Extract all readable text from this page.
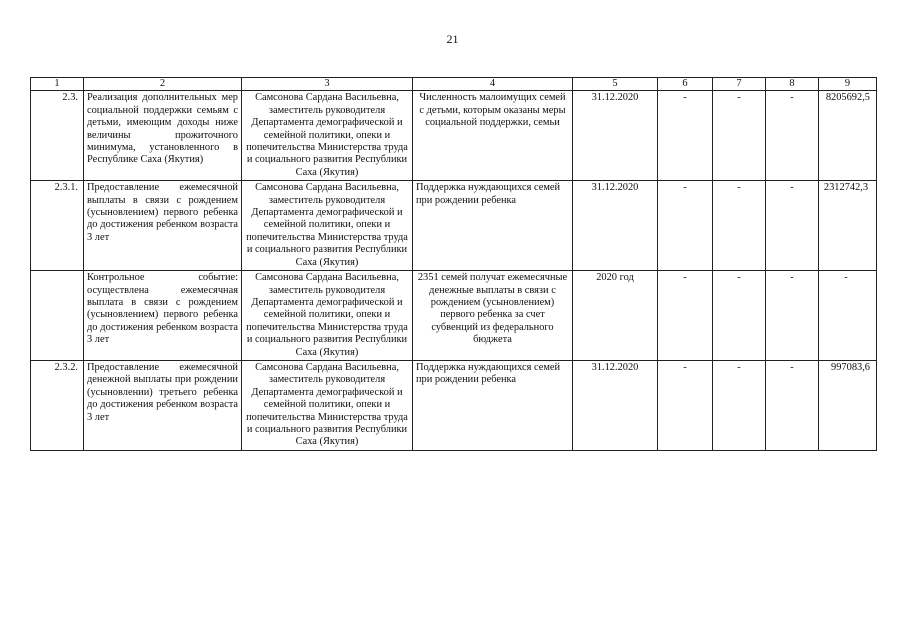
21
1	2	3	4	5	6	7	8	9
2.3.	Реализация дополнительных мер социальной поддержки семьям с детьми, имеющим доходы ниже величины прожиточного минимума, установленного в Республике Саха (Якутия)	Самсонова Сардана Васильевна, заместитель руководителя Департамента демографической и семейной политики, опеки и попечительства Министерства труда и социального развития Республики Саха (Якутия)	Численность малоимущих семей с детьми, которым оказаны меры социальной поддержки, семьи	31.12.2020	-	-	-	8205692,5
2.3.1.	Предоставление ежемесячной выплаты в связи с рождением (усыновлением) первого ребенка до достижения ребенком возраста 3 лет	Самсонова Сардана Васильевна, заместитель руководителя Департамента демографической и семейной политики, опеки и попечительства Министерства труда и социального развития Республики Саха (Якутия)	Поддержка нуждающихся семей при рождении ребенка	31.12.2020	-	-	-	2312742,3
	Контрольное событие: осуществлена ежемесячная выплата в связи с рождением (усыновлением) первого ребенка до достижения ребенком возраста 3 лет	Самсонова Сардана Васильевна, заместитель руководителя Департамента демографической и семейной политики, опеки и попечительства Министерства труда и социального развития Республики Саха (Якутия)	2351 семей получат ежемесячные денежные выплаты в связи с рождением (усыновлением) первого ребенка за счет субвенций из федерального бюджета	2020 год	-	-	-	-
2.3.2.	Предоставление ежемесячной денежной выплаты при рождении (усыновлении) третьего ребенка до достижения ребенком возраста 3 лет	Самсонова Сардана Васильевна, заместитель руководителя Департамента демографической и семейной политики, опеки и попечительства Министерства труда и социального развития Республики Саха (Якутия)	Поддержка нуждающихся семей при рождении ребенка	31.12.2020	-	-	-	997083,6
